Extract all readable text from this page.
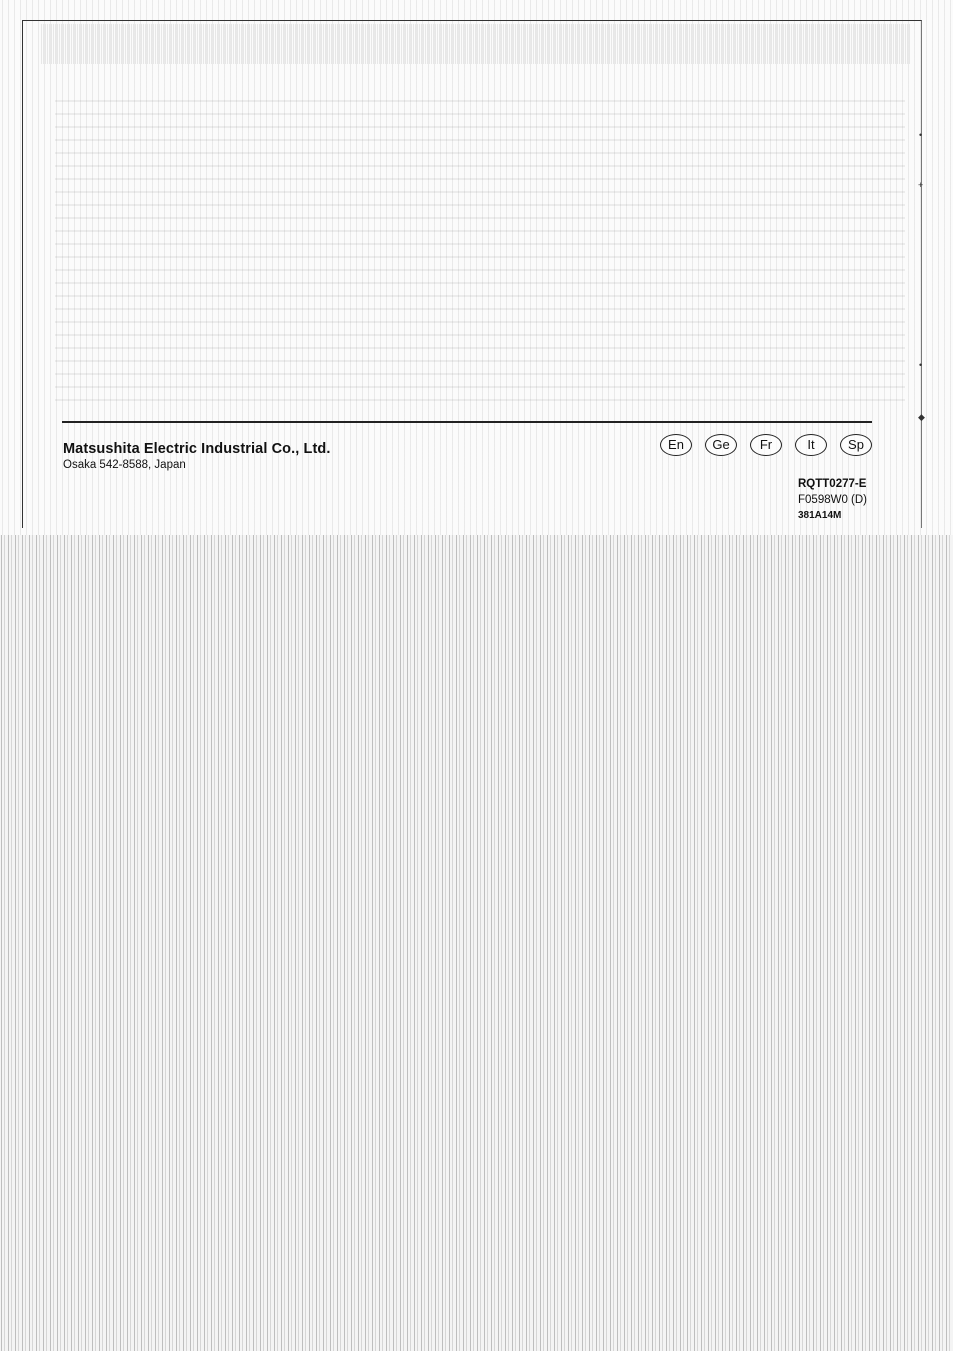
•
+
•
◆
Matsushita Electric Industrial Co., Ltd.
Osaka 542-8588, Japan
En	Ge	Fr	It	Sp
RQTT0277-E
F0598W0 (D)
381A14M
